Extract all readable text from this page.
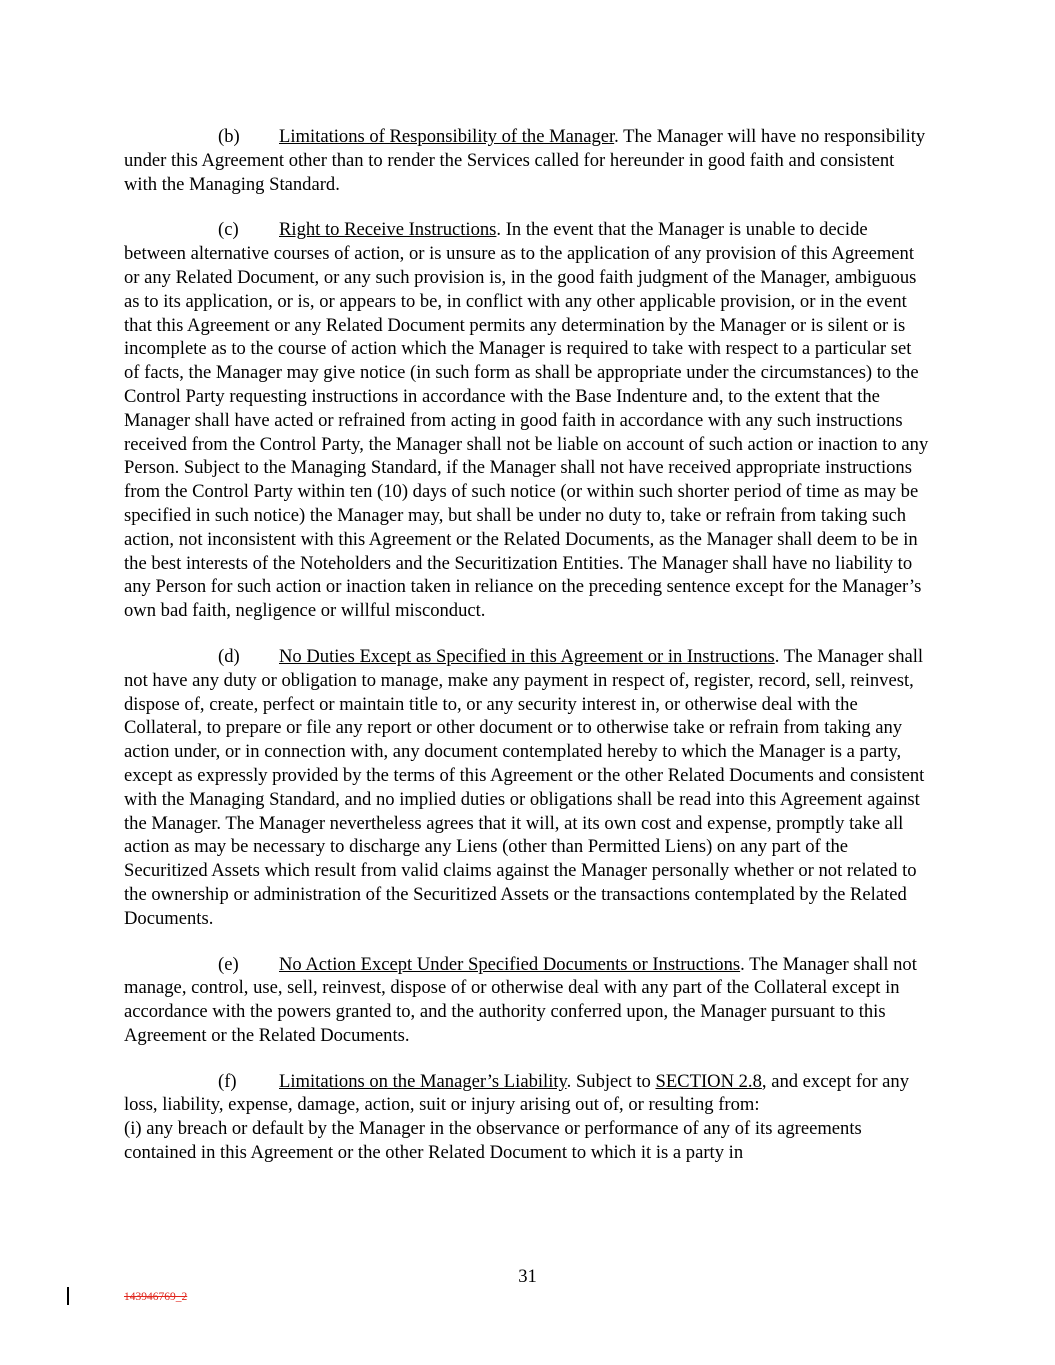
(b) Limitations of Responsibility of the Manager. The Manager will have no responsibility under this Agreement other than to render the Services called for hereunder in good faith and consistent with the Managing Standard.

(c) Right to Receive Instructions. In the event that the Manager is unable to decide between alternative courses of action, or is unsure as to the application of any provision of this Agreement or any Related Document, or any such provision is, in the good faith judgment of the Manager, ambiguous as to its application, or is, or appears to be, in conflict with any other applicable provision, or in the event that this Agreement or any Related Document permits any determination by the Manager or is silent or is incomplete as to the course of action which the Manager is required to take with respect to a particular set of facts, the Manager may give notice (in such form as shall be appropriate under the circumstances) to the Control Party requesting instructions in accordance with the Base Indenture and, to the extent that the Manager shall have acted or refrained from acting in good faith in accordance with any such instructions received from the Control Party, the Manager shall not be liable on account of such action or inaction to any Person. Subject to the Managing Standard, if the Manager shall not have received appropriate instructions from the Control Party within ten (10) days of such notice (or within such shorter period of time as may be specified in such notice) the Manager may, but shall be under no duty to, take or refrain from taking such action, not inconsistent with this Agreement or the Related Documents, as the Manager shall deem to be in the best interests of the Noteholders and the Securitization Entities. The Manager shall have no liability to any Person for such action or inaction taken in reliance on the preceding sentence except for the Manager’s own bad faith, negligence or willful misconduct.

(d) No Duties Except as Specified in this Agreement or in Instructions. The Manager shall not have any duty or obligation to manage, make any payment in respect of, register, record, sell, reinvest, dispose of, create, perfect or maintain title to, or any security interest in, or otherwise deal with the Collateral, to prepare or file any report or other document or to otherwise take or refrain from taking any action under, or in connection with, any document contemplated hereby to which the Manager is a party, except as expressly provided by the terms of this Agreement or the other Related Documents and consistent with the Managing Standard, and no implied duties or obligations shall be read into this Agreement against the Manager. The Manager nevertheless agrees that it will, at its own cost and expense, promptly take all action as may be necessary to discharge any Liens (other than Permitted Liens) on any part of the Securitized Assets which result from valid claims against the Manager personally whether or not related to the ownership or administration of the Securitized Assets or the transactions contemplated by the Related Documents.

(e) No Action Except Under Specified Documents or Instructions. The Manager shall not manage, control, use, sell, reinvest, dispose of or otherwise deal with any part of the Collateral except in accordance with the powers granted to, and the authority conferred upon, the Manager pursuant to this Agreement or the Related Documents.

(f) Limitations on the Manager’s Liability. Subject to SECTION 2.8, and except for any loss, liability, expense, damage, action, suit or injury arising out of, or resulting from:
(i) any breach or default by the Manager in the observance or performance of any of its agreements contained in this Agreement or the other Related Document to which it is a party in

31
143946769_2
